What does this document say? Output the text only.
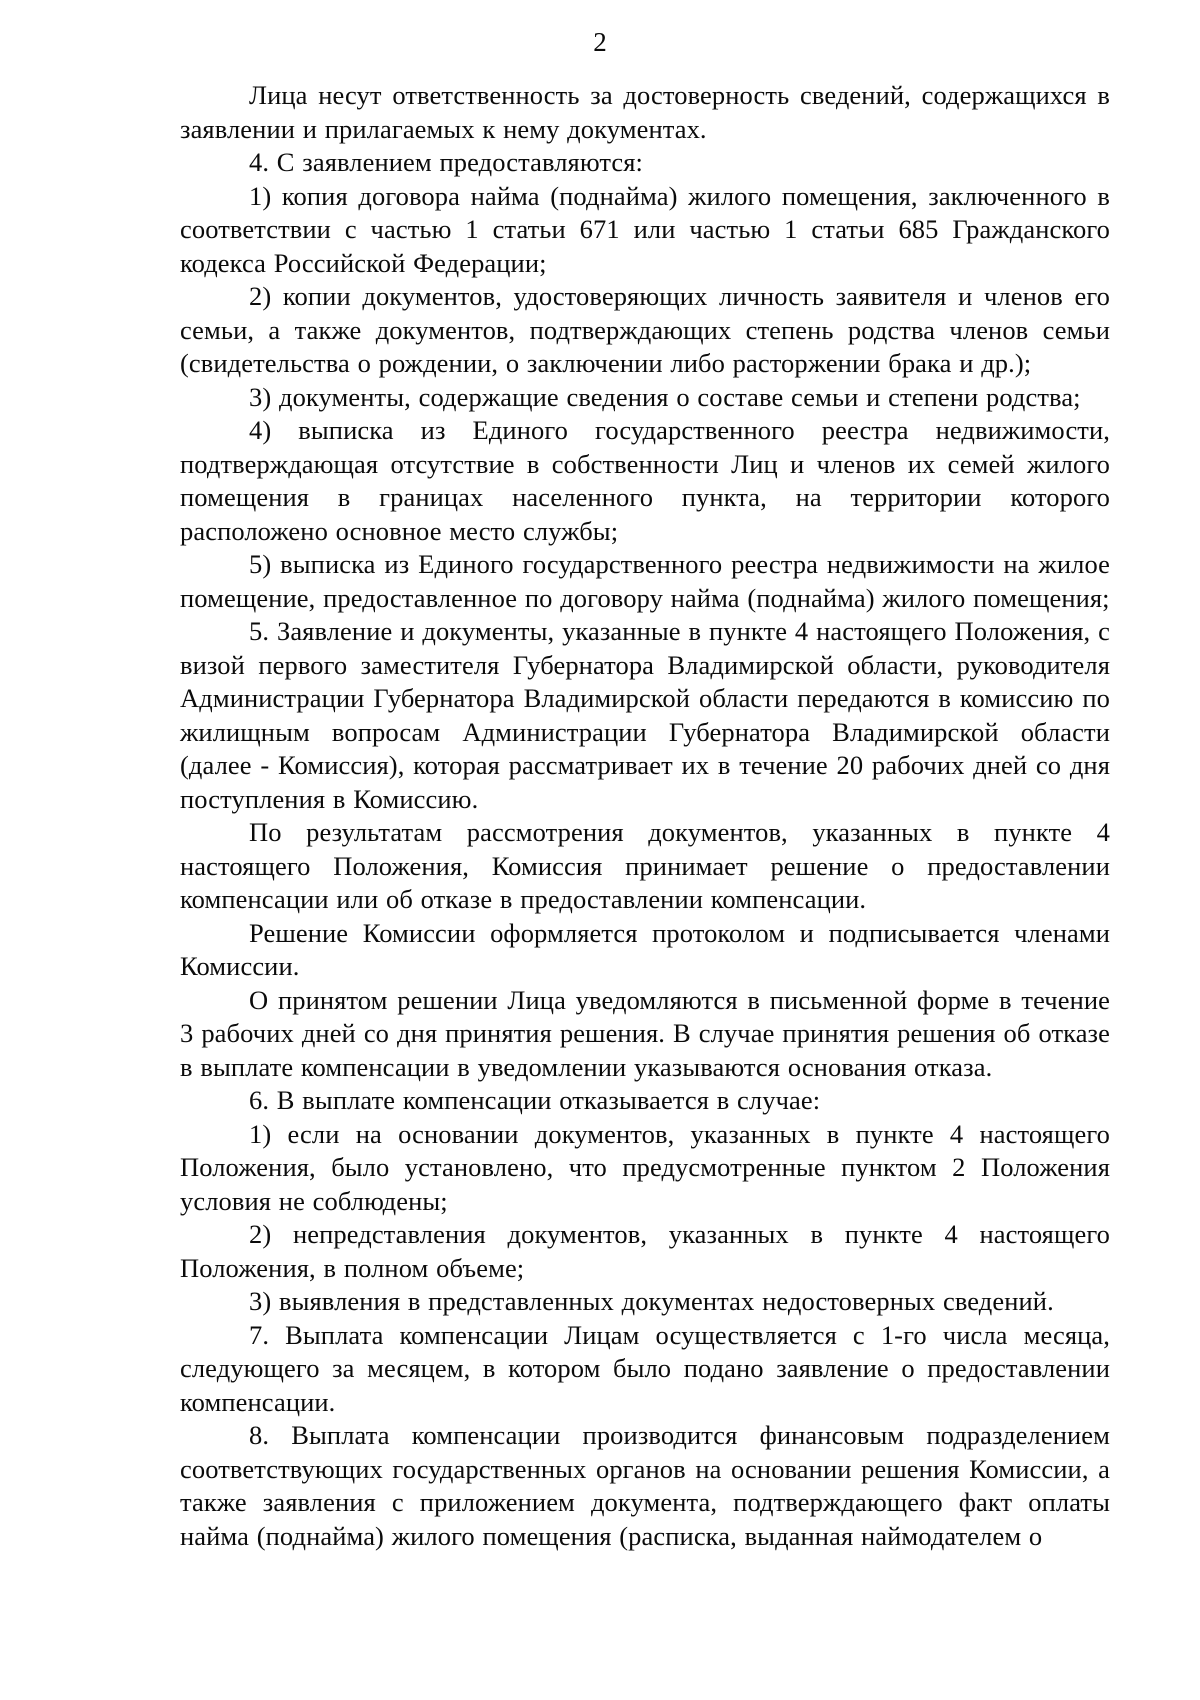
2

Лица несут ответственность за достоверность сведений, содержащихся в заявлении и прилагаемых к нему документах.

4. С заявлением предоставляются:

1) копия договора найма (поднайма) жилого помещения, заключенного в соответствии с частью 1 статьи 671 или частью 1 статьи 685 Гражданского кодекса Российской Федерации;

2) копии документов, удостоверяющих личность заявителя и членов его семьи, а также документов, подтверждающих степень родства членов семьи (свидетельства о рождении, о заключении либо расторжении брака и др.);

3) документы, содержащие сведения о составе семьи и степени родства;

4) выписка из Единого государственного реестра недвижимости, подтверждающая отсутствие в собственности Лиц и членов их семей жилого помещения в границах населенного пункта, на территории которого расположено основное место службы;

5) выписка из Единого государственного реестра недвижимости на жилое помещение, предоставленное по договору найма (поднайма) жилого помещения;

5. Заявление и документы, указанные в пункте 4 настоящего Положения, с визой первого заместителя Губернатора Владимирской области, руководителя Администрации Губернатора Владимирской области передаются в комиссию по жилищным вопросам Администрации Губернатора Владимирской области (далее - Комиссия), которая рассматривает их в течение 20 рабочих дней со дня поступления в Комиссию.

По результатам рассмотрения документов, указанных в пункте 4 настоящего Положения, Комиссия принимает решение о предоставлении компенсации или об отказе в предоставлении компенсации.

Решение Комиссии оформляется протоколом и подписывается членами Комиссии.

О принятом решении Лица уведомляются в письменной форме в течение 3 рабочих дней со дня принятия решения. В случае принятия решения об отказе в выплате компенсации в уведомлении указываются основания отказа.

6. В выплате компенсации отказывается в случае:

1) если на основании документов, указанных в пункте 4 настоящего Положения, было установлено, что предусмотренные пунктом 2 Положения условия не соблюдены;

2) непредставления документов, указанных в пункте 4 настоящего Положения, в полном объеме;

3) выявления в представленных документах недостоверных сведений.

7. Выплата компенсации Лицам осуществляется с 1-го числа месяца, следующего за месяцем, в котором было подано заявление о предоставлении компенсации.

8. Выплата компенсации производится финансовым подразделением соответствующих государственных органов на основании решения Комиссии, а также заявления с приложением документа, подтверждающего факт оплаты найма (поднайма) жилого помещения (расписка, выданная наймодателем о
